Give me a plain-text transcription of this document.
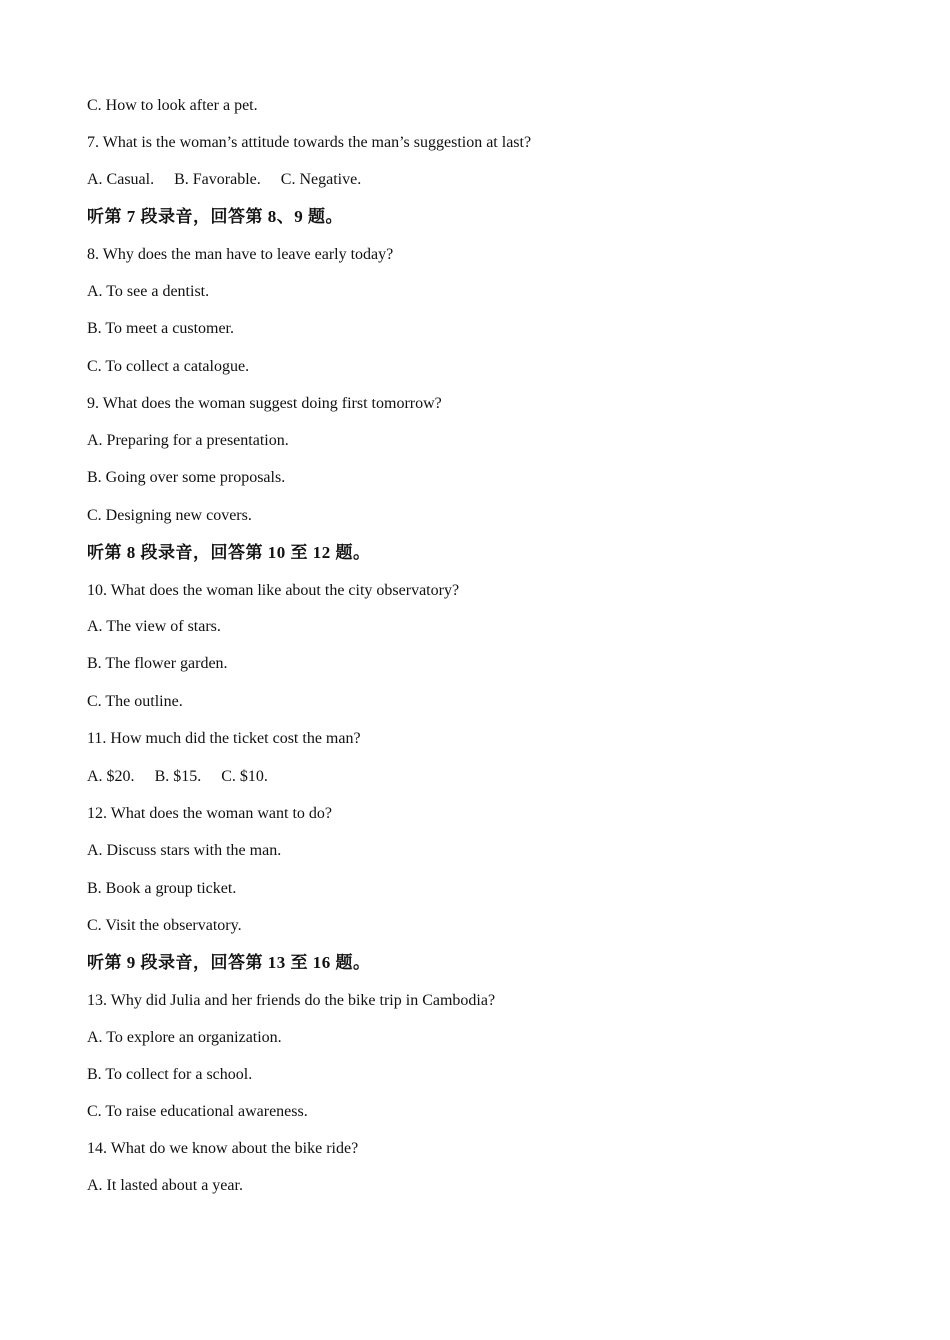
C. How to look after a pet.
7. What is the woman’s attitude towards the man’s suggestion at last?
A. Casual. B. Favorable. C. Negative.
听第 7 段录音，回答第 8、9 题。
8. Why does the man have to leave early today?
A. To see a dentist.
B. To meet a customer.
C. To collect a catalogue.
9. What does the woman suggest doing first tomorrow?
A. Preparing for a presentation.
B. Going over some proposals.
C. Designing new covers.
听第 8 段录音，回答第 10 至 12 题。
10. What does the woman like about the city observatory?
A. The view of stars.
B. The flower garden.
C. The outline.
11. How much did the ticket cost the man?
A. $20. B. $15. C. $10.
12. What does the woman want to do?
A. Discuss stars with the man.
B. Book a group ticket.
C. Visit the observatory.
听第 9 段录音，回答第 13 至 16 题。
13. Why did Julia and her friends do the bike trip in Cambodia?
A. To explore an organization.
B. To collect for a school.
C. To raise educational awareness.
14. What do we know about the bike ride?
A. It lasted about a year.
